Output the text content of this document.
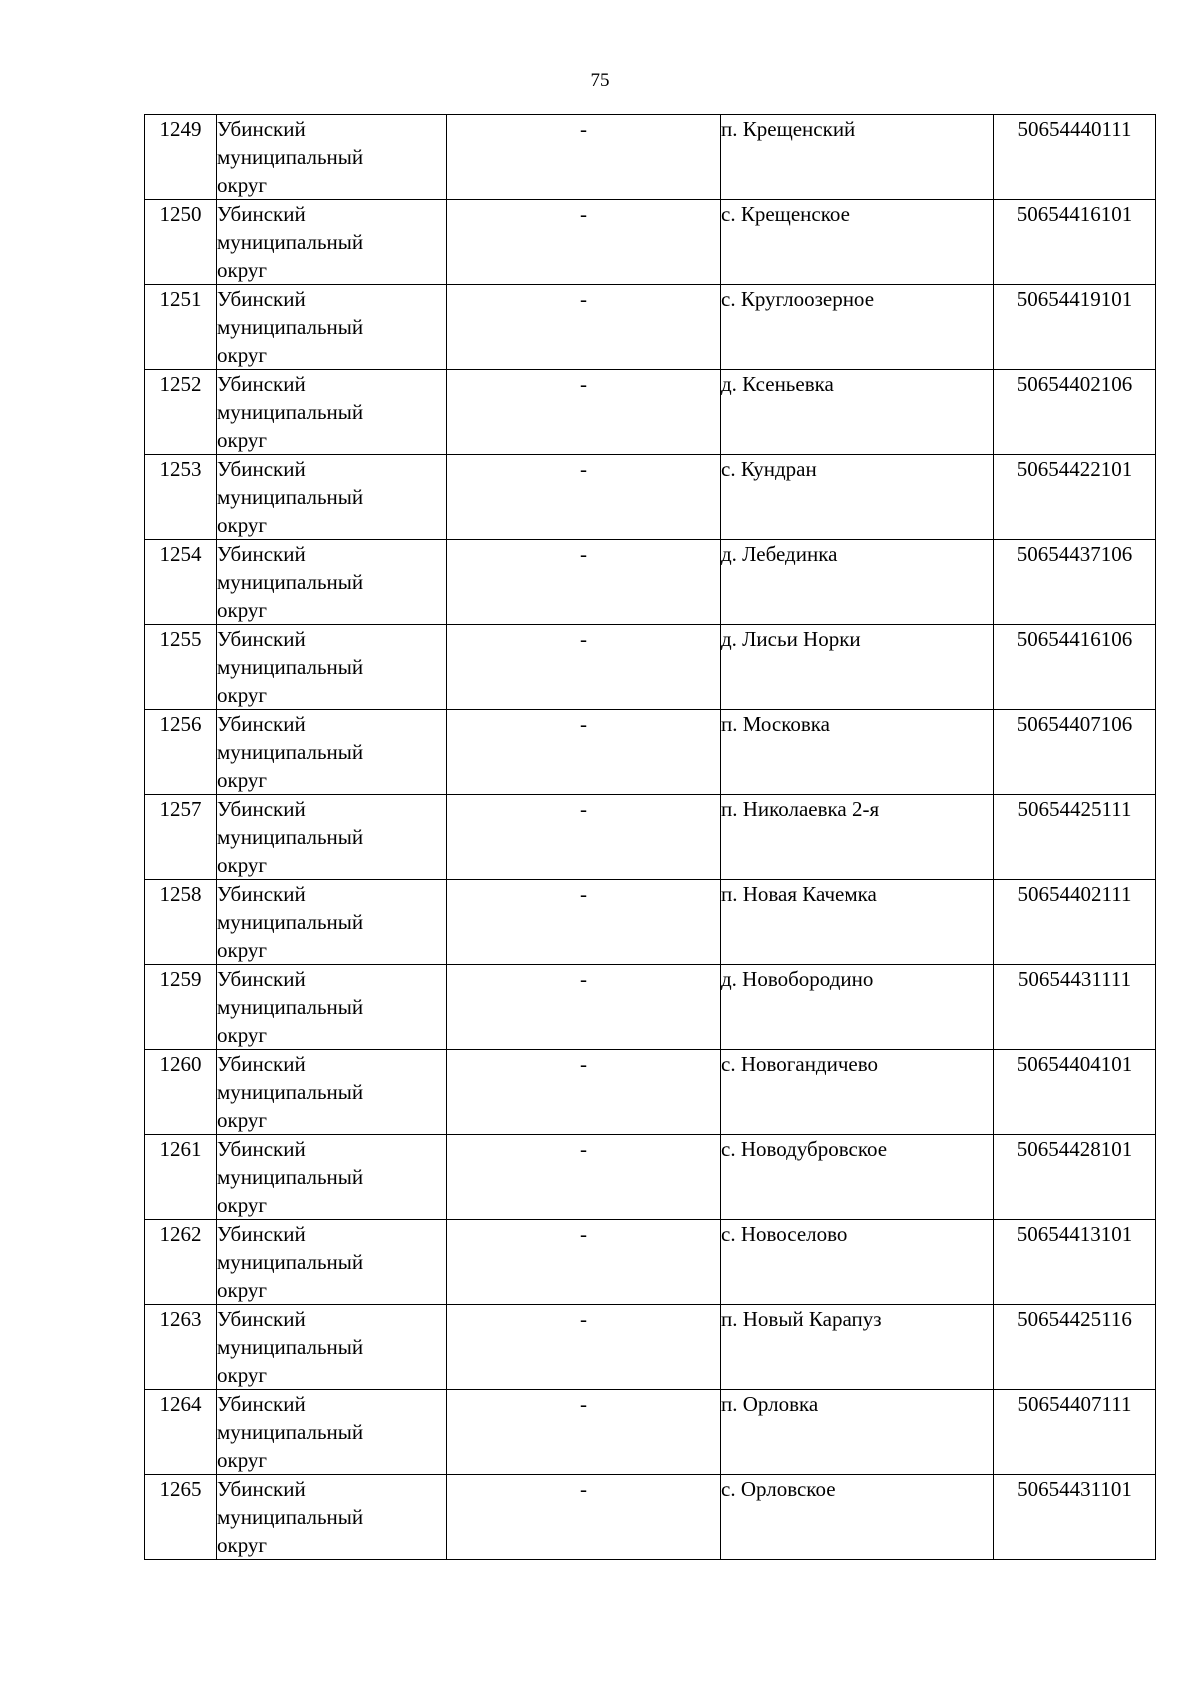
75
1249	Убинский
муниципальный
округ	-	п. Крещенский	50654440111

1250	Убинский
муниципальный
округ	-	с. Крещенское	50654416101

1251	Убинский
муниципальный
округ	-	с. Круглоозерное	50654419101

1252	Убинский
муниципальный
округ	-	д. Ксеньевка	50654402106

1253	Убинский
муниципальный
округ	-	с. Кундран	50654422101

1254	Убинский
муниципальный
округ	-	д. Лебединка	50654437106

1255	Убинский
муниципальный
округ	-	д. Лисьи Норки	50654416106

1256	Убинский
муниципальный
округ	-	п. Московка	50654407106

1257	Убинский
муниципальный
округ	-	п. Николаевка 2-я	50654425111

1258	Убинский
муниципальный
округ	-	п. Новая Качемка	50654402111

1259	Убинский
муниципальный
округ	-	д. Новобородино	50654431111

1260	Убинский
муниципальный
округ	-	с. Новогандичево	50654404101

1261	Убинский
муниципальный
округ	-	с. Новодубровское	50654428101

1262	Убинский
муниципальный
округ	-	с. Новоселово	50654413101

1263	Убинский
муниципальный
округ	-	п. Новый Карапуз	50654425116

1264	Убинский
муниципальный
округ	-	п. Орловка	50654407111

1265	Убинский
муниципальный
округ	-	с. Орловское	50654431101
